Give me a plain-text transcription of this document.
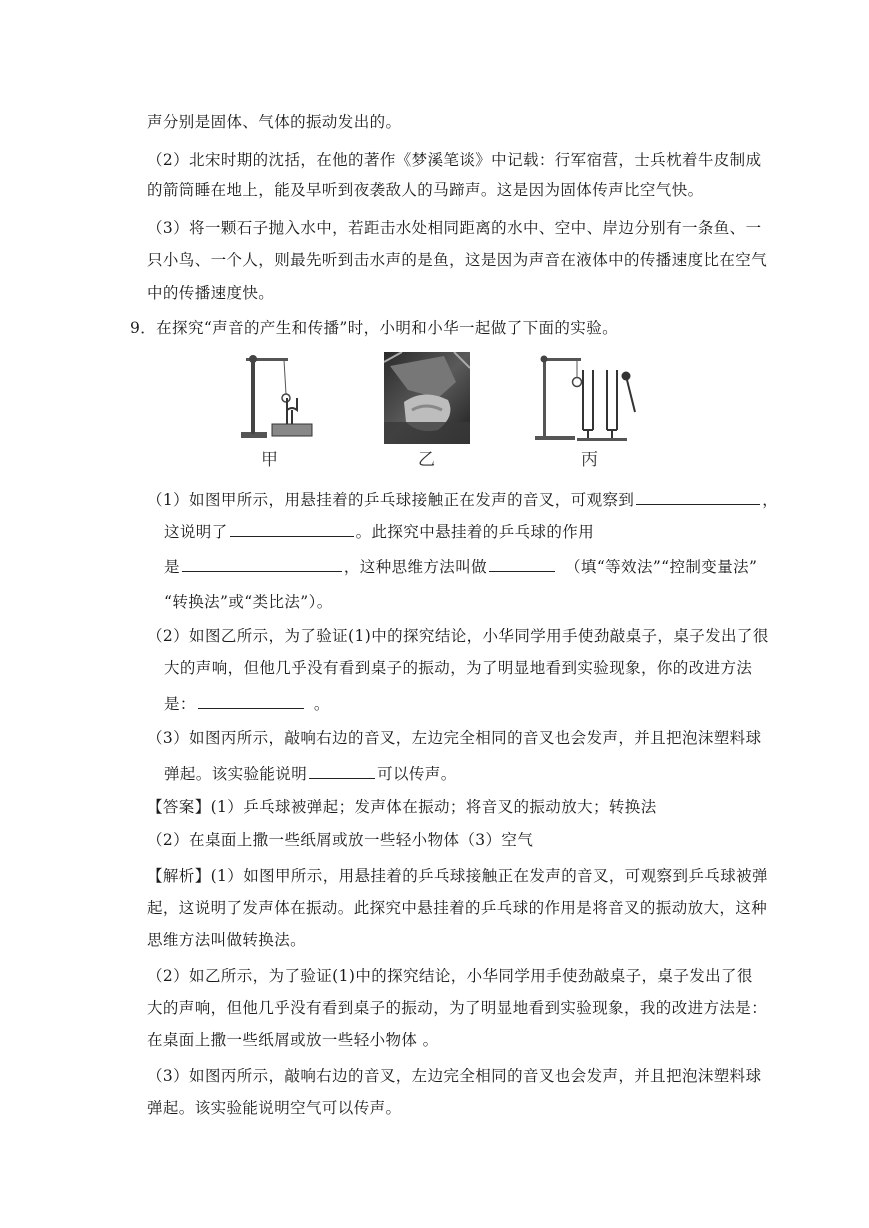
声分别是固体、气体的振动发出的。
（2）北宋时期的沈括，在他的著作《梦溪笔谈》中记载：行军宿营，士兵枕着牛皮制成
的箭筒睡在地上，能及早听到夜袭敌人的马蹄声。这是因为固体传声比空气快。
（3）将一颗石子抛入水中，若距击水处相同距离的水中、空中、岸边分别有一条鱼、一
只小鸟、一个人，则最先听到击水声的是鱼，这是因为声音在液体中的传播速度比在空气
中的传播速度快。
9．在探究“声音的产生和传播”时，小明和小华一起做了下面的实验。
甲	乙	丙
（1）如图甲所示，用悬挂着的乒乓球接触正在发声的音叉，可观察到	，
这说明了	。此探究中悬挂着的乒乓球的作用
是	，这种思维方法叫做	（填“等效法”“控制变量法”
“转换法”或“类比法”）。
（2）如图乙所示，为了验证(1)中的探究结论，小华同学用手使劲敲桌子，桌子发出了很
大的声响，但他几乎没有看到桌子的振动，为了明显地看到实验现象，你的改进方法
是：	。
（3）如图丙所示，敲响右边的音叉，左边完全相同的音叉也会发声，并且把泡沫塑料球
弹起。该实验能说明	可以传声。
【答案】(1）乒乓球被弹起；发声体在振动；将音叉的振动放大；转换法
（2）在桌面上撒一些纸屑或放一些轻小物体（3）空气
【解析】(1）如图甲所示，用悬挂着的乒乓球接触正在发声的音叉，可观察到乒乓球被弹
起，这说明了发声体在振动。此探究中悬挂着的乒乓球的作用是将音叉的振动放大，这种
思维方法叫做转换法。
（2）如乙所示，为了验证(1)中的探究结论，小华同学用手使劲敲桌子，桌子发出了很
大的声响，但他几乎没有看到桌子的振动，为了明显地看到实验现象，我的改进方法是：
在桌面上撒一些纸屑或放一些轻小物体 。
（3）如图丙所示，敲响右边的音叉，左边完全相同的音叉也会发声，并且把泡沫塑料球
弹起。该实验能说明空气可以传声。
